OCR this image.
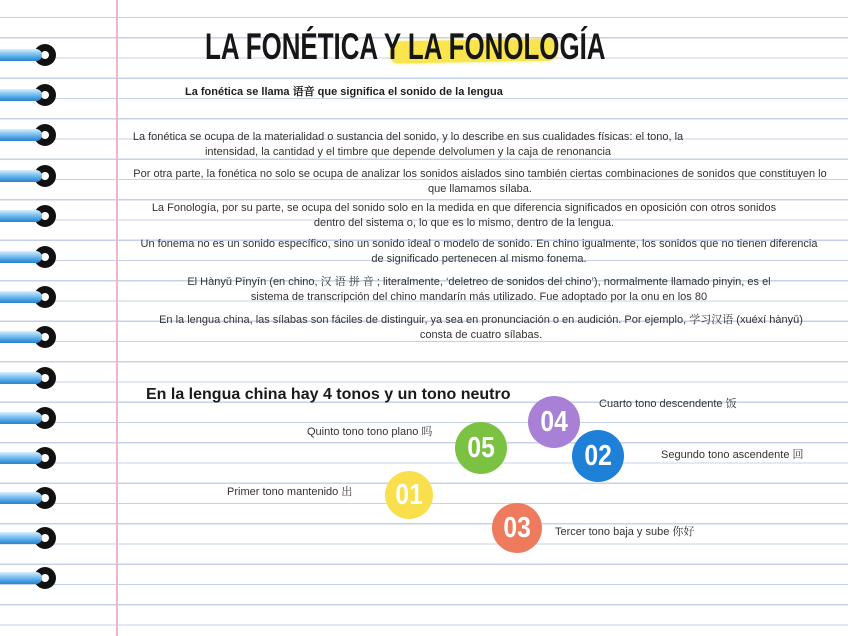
LA FONÉTICA Y LA FONOLOGÍA
La fonética se llama 语音 que significa el sonido de la lengua
La fonética se ocupa de la materialidad o sustancia del sonido, y lo describe en sus cualidades físicas: el tono, la
intensidad, la cantidad y el timbre que depende delvolumen y la caja de renonancia
Por otra parte, la fonética no solo se ocupa de analizar los sonidos aislados sino también ciertas combinaciones de sonidos que constituyen lo
que llamamos sílaba.
La Fonología, por su parte, se ocupa del sonido solo en la medida en que diferencia significados en oposición con otros sonidos
dentro del sistema o, lo que es lo mismo, dentro de la lengua.
Un fonema no es un sonido específico, sino un sonido ideal o modelo de sonido. En chino igualmente, los sonidos que no tienen diferencia
de significado pertenecen al mismo fonema.
El Hànyǔ Pīnyīn (en chino, 汉 语 拼 音 ; literalmente, ‘deletreo de sonidos del chino’), normalmente llamado pinyin, es el
sistema de transcripción del chino mandarín más utilizado. Fue adoptado por la onu en los 80
En la lengua china, las sílabas son fáciles de distinguir, ya sea en pronunciación o en audición. Por ejemplo, 学习汉语 (xuéxí hànyǔ)
consta de cuatro sílabas.
En la lengua china hay 4 tonos y un tono neutro
01
Primer tono mantenido 出
02	Segundo tono ascendente 回
03 Tercer tono baja y sube 你好
04
Cuarto tono descendente 饭
05
Quinto tono tono plano 吗
